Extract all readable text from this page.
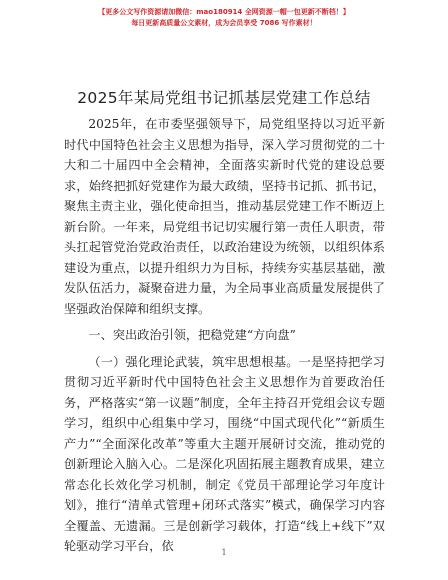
【更多公文写作资源请加微信：mao180914 全网资源一帽一包更新不断档！】
每日更新高质量公文素材，成为会员享受 7086 写作素材！
2025年某局党组书记抓基层党建工作总结

2025年，在市委坚强领导下，局党组坚持以习近平新时代中国特色社会主义思想为指导，深入学习贯彻党的二十大和二十届四中全会精神，全面落实新时代党的建设总要求，始终把抓好党建作为最大政绩，坚持书记抓、抓书记，聚焦主责主业，强化使命担当，推动基层党建工作不断迈上新台阶。一年来，局党组书记切实履行第一责任人职责，带头扛起管党治党政治责任，以政治建设为统领，以组织体系建设为重点，以提升组织力为目标，持续夯实基层基础，激发队伍活力，凝聚奋进力量，为全局事业高质量发展提供了坚强政治保障和组织支撑。

一、突出政治引领，把稳党建“方向盘”

（一）强化理论武装，筑牢思想根基。一是坚持把学习贯彻习近平新时代中国特色社会主义思想作为首要政治任务，严格落实“第一议题”制度，全年主持召开党组会议专题学习，组织中心组集中学习，围绕“中国式现代化”“新质生产力”“全面深化改革”等重大主题开展研讨交流，推动党的创新理论入脑入心。二是深化巩固拓展主题教育成果，建立常态化长效化学习机制，制定《党员干部理论学习年度计划》，推行“清单式管理+闭环式落实”模式，确保学习内容全覆盖、无遗漏。三是创新学习载体，打造“线上+线下”双轮驱动学习平台，依	1
